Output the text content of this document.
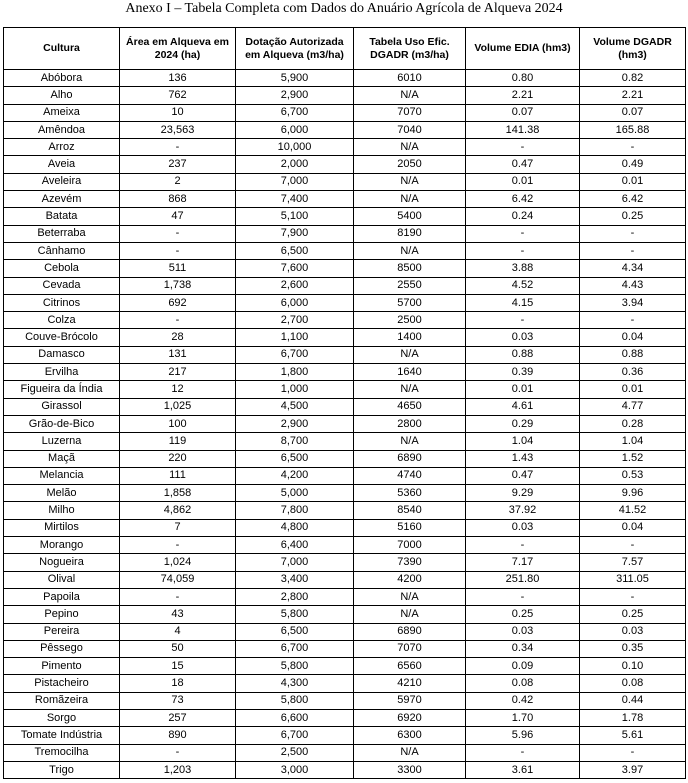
Anexo I – Tabela Completa com Dados do Anuário Agrícola de Alqueva 2024
Cultura	Área em Alqueva em 2024 (ha)	Dotação Autorizada em Alqueva (m3/ha)	Tabela Uso Efic. DGADR (m3/ha)	Volume EDIA (hm3)	Volume DGADR (hm3)
Abóbora	136	5,900	6010	0.80	0.82
Alho	762	2,900	N/A	2.21	2.21
Ameixa	10	6,700	7070	0.07	0.07
Amêndoa	23,563	6,000	7040	141.38	165.88
Arroz	-	10,000	N/A	-	-
Aveia	237	2,000	2050	0.47	0.49
Aveleira	2	7,000	N/A	0.01	0.01
Azevém	868	7,400	N/A	6.42	6.42
Batata	47	5,100	5400	0.24	0.25
Beterraba	-	7,900	8190	-	-
Cânhamo	-	6,500	N/A	-	-
Cebola	511	7,600	8500	3.88	4.34
Cevada	1,738	2,600	2550	4.52	4.43
Citrinos	692	6,000	5700	4.15	3.94
Colza	-	2,700	2500	-	-
Couve-Brócolo	28	1,100	1400	0.03	0.04
Damasco	131	6,700	N/A	0.88	0.88
Ervilha	217	1,800	1640	0.39	0.36
Figueira da Índia	12	1,000	N/A	0.01	0.01
Girassol	1,025	4,500	4650	4.61	4.77
Grão-de-Bico	100	2,900	2800	0.29	0.28
Luzerna	119	8,700	N/A	1.04	1.04
Maçã	220	6,500	6890	1.43	1.52
Melancia	111	4,200	4740	0.47	0.53
Melão	1,858	5,000	5360	9.29	9.96
Milho	4,862	7,800	8540	37.92	41.52
Mirtilos	7	4,800	5160	0.03	0.04
Morango	-	6,400	7000	-	-
Nogueira	1,024	7,000	7390	7.17	7.57
Olival	74,059	3,400	4200	251.80	311.05
Papoila	-	2,800	N/A	-	-
Pepino	43	5,800	N/A	0.25	0.25
Pereira	4	6,500	6890	0.03	0.03
Pêssego	50	6,700	7070	0.34	0.35
Pimento	15	5,800	6560	0.09	0.10
Pistacheiro	18	4,300	4210	0.08	0.08
Romãzeira	73	5,800	5970	0.42	0.44
Sorgo	257	6,600	6920	1.70	1.78
Tomate Indústria	890	6,700	6300	5.96	5.61
Tremocilha	-	2,500	N/A	-	-
Trigo	1,203	3,000	3300	3.61	3.97
